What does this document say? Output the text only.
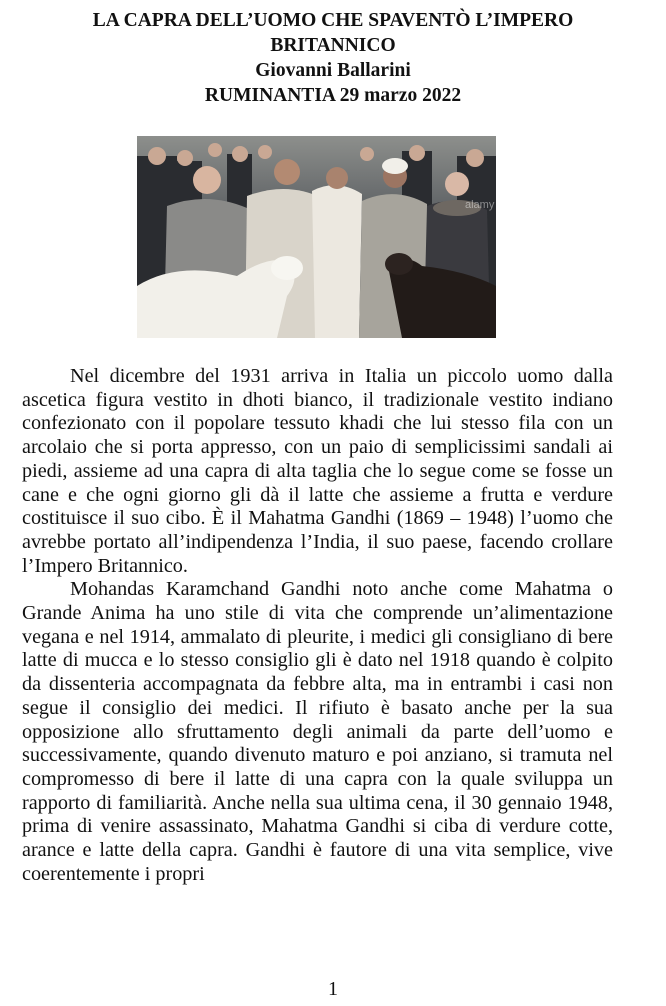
LA CAPRA DELL’UOMO CHE SPAVENTÒ L’IMPERO
BRITANNICO
Giovanni Ballarini
RUMINANTIA 29 marzo 2022
alamy

Nel dicembre del 1931 arriva in Italia un piccolo uomo dalla ascetica figura vestito in dhoti bianco, il tradizionale vestito indiano confezionato con il popolare tessuto khadi che lui stesso fila con un arcolaio che si porta appresso, con un paio di semplicissimi sandali ai piedi, assieme ad una capra di alta taglia che lo segue come se fosse un cane e che ogni giorno gli dà il latte che assieme a frutta e verdure costituisce il suo cibo. È il Mahatma Gandhi (1869 – 1948) l’uomo che avrebbe portato all’indipendenza l’India, il suo paese, facendo crollare l’Impero Britannico.

Mohandas Karamchand Gandhi noto anche come Mahatma o Grande Anima ha uno stile di vita che comprende un’alimentazione vegana e nel 1914, ammalato di pleurite, i medici gli consigliano di bere latte di mucca e lo stesso consiglio gli è dato nel 1918 quando è colpito da dissenteria accompagnata da febbre alta, ma in entrambi i casi non segue il consiglio dei medici. Il rifiuto è basato anche per la sua opposizione allo sfruttamento degli animali da parte dell’uomo e successivamente, quando divenuto maturo e poi anziano, si tramuta nel compromesso di bere il latte di una capra con la quale sviluppa un rapporto di familiarità. Anche nella sua ultima cena, il 30 gennaio 1948, prima di venire assassinato, Mahatma Gandhi si ciba di verdure cotte, arance e latte della capra. Gandhi è fautore di una vita semplice, vive coerentemente i propri

1
